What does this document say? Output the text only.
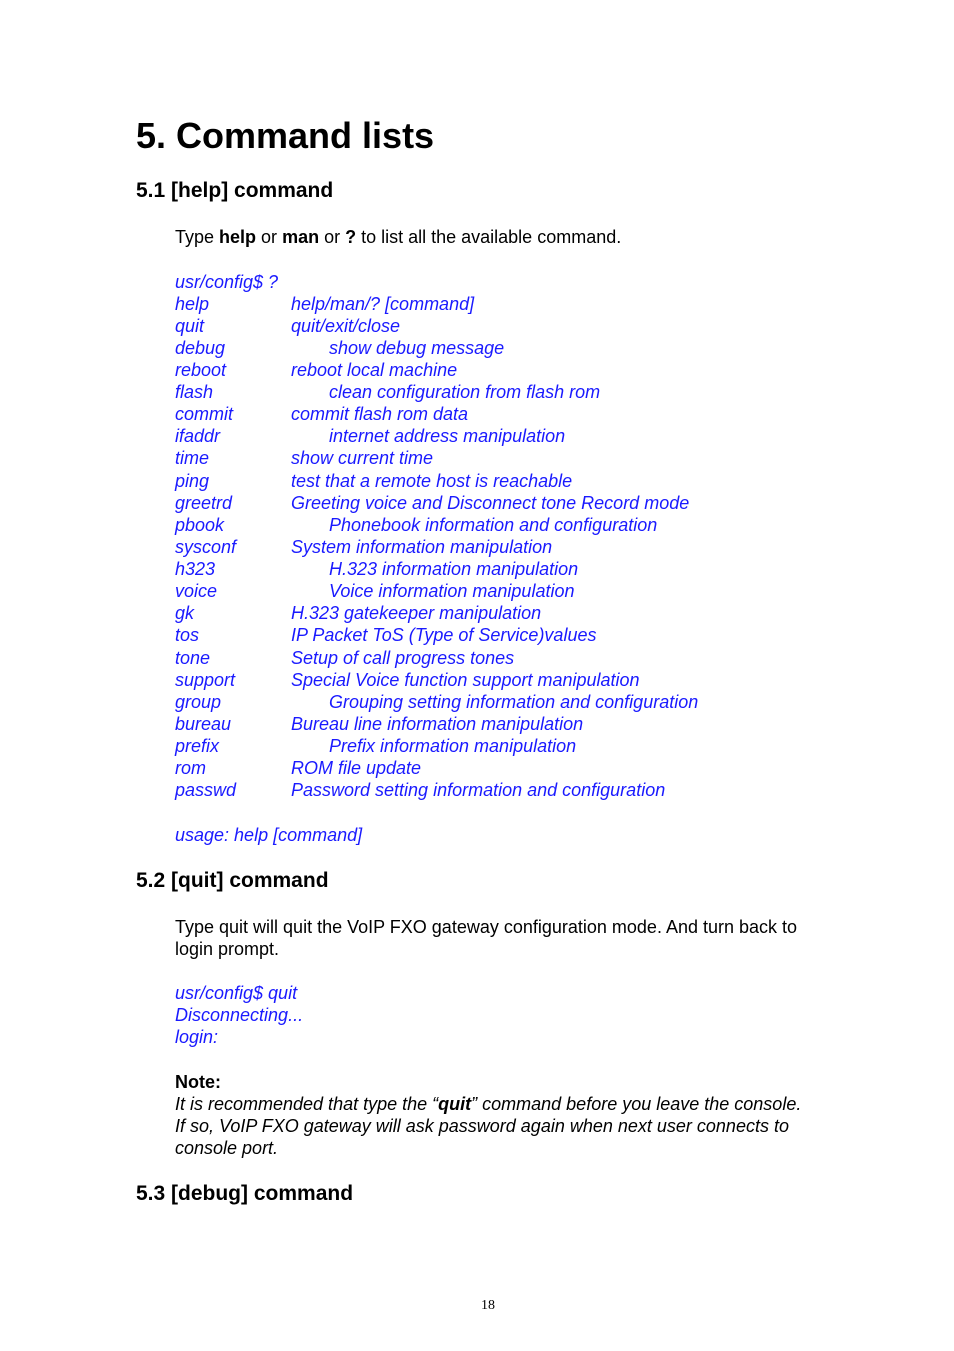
5. Command lists
5.1 [help] command
Type help or man or ? to list all the available command.
usr/config$ ?
help	help/man/? [command]
quit	quit/exit/close
debug	show debug message
reboot	reboot local machine
flash	clean configuration from flash rom
commit	commit flash rom data
ifaddr	internet address manipulation
time	show current time
ping	test that a remote host is reachable
greetrd	Greeting voice and Disconnect tone Record mode
pbook	Phonebook information and configuration
sysconf	System information manipulation
h323	H.323 information manipulation
voice	Voice information manipulation
gk	H.323 gatekeeper manipulation
tos	IP Packet ToS (Type of Service)values
tone	Setup of call progress tones
support	Special Voice function support manipulation
group	Grouping setting information and configuration
bureau	Bureau line information manipulation
prefix	Prefix information manipulation
rom	ROM file update
passwd	Password setting information and configuration
usage: help [command]
5.2 [quit] command
Type quit will quit the VoIP FXO gateway configuration mode. And turn back to
login prompt.
usr/config$ quit
Disconnecting...
login:
Note:
It is recommended that type the “quit” command before you leave the console.
If so, VoIP FXO gateway will ask password again when next user connects to
console port.
5.3 [debug] command
18
